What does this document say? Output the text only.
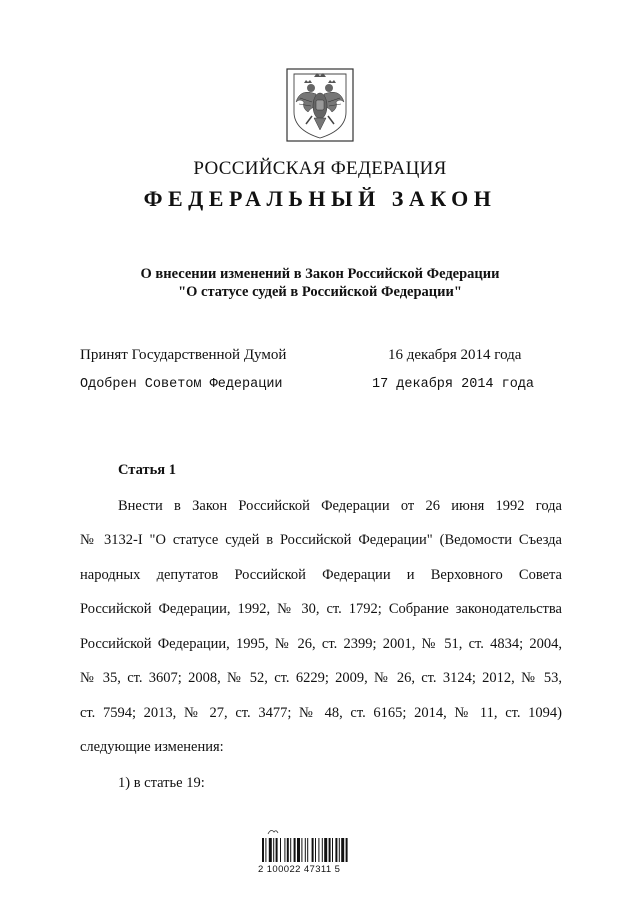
РОССИЙСКАЯ ФЕДЕРАЦИЯ
ФЕДЕРАЛЬНЫЙ ЗАКОН
О внесении изменений в Закон Российской Федерации
"О статусе судей в Российской Федерации"
Принят Государственной Думой	16 декабря 2014 года
Одобрен Советом Федерации	17 декабря 2014 года
Статья 1
Внести в Закон Российской Федерации от 26 июня 1992 года
№ 3132-I "О статусе судей в Российской Федерации" (Ведомости Съезда
народных депутатов Российской Федерации и Верховного Совета
Российской Федерации, 1992, № 30, ст. 1792; Собрание законодательства
Российской Федерации, 1995, № 26, ст. 2399; 2001, № 51, ст. 4834; 2004,
№ 35, ст. 3607; 2008, № 52, ст. 6229; 2009, № 26, ст. 3124; 2012, № 53,
ст. 7594; 2013, № 27, ст. 3477; № 48, ст. 6165; 2014, № 11, ст. 1094)
следующие изменения:
1) в статье 19:
2 100022 47311 5
